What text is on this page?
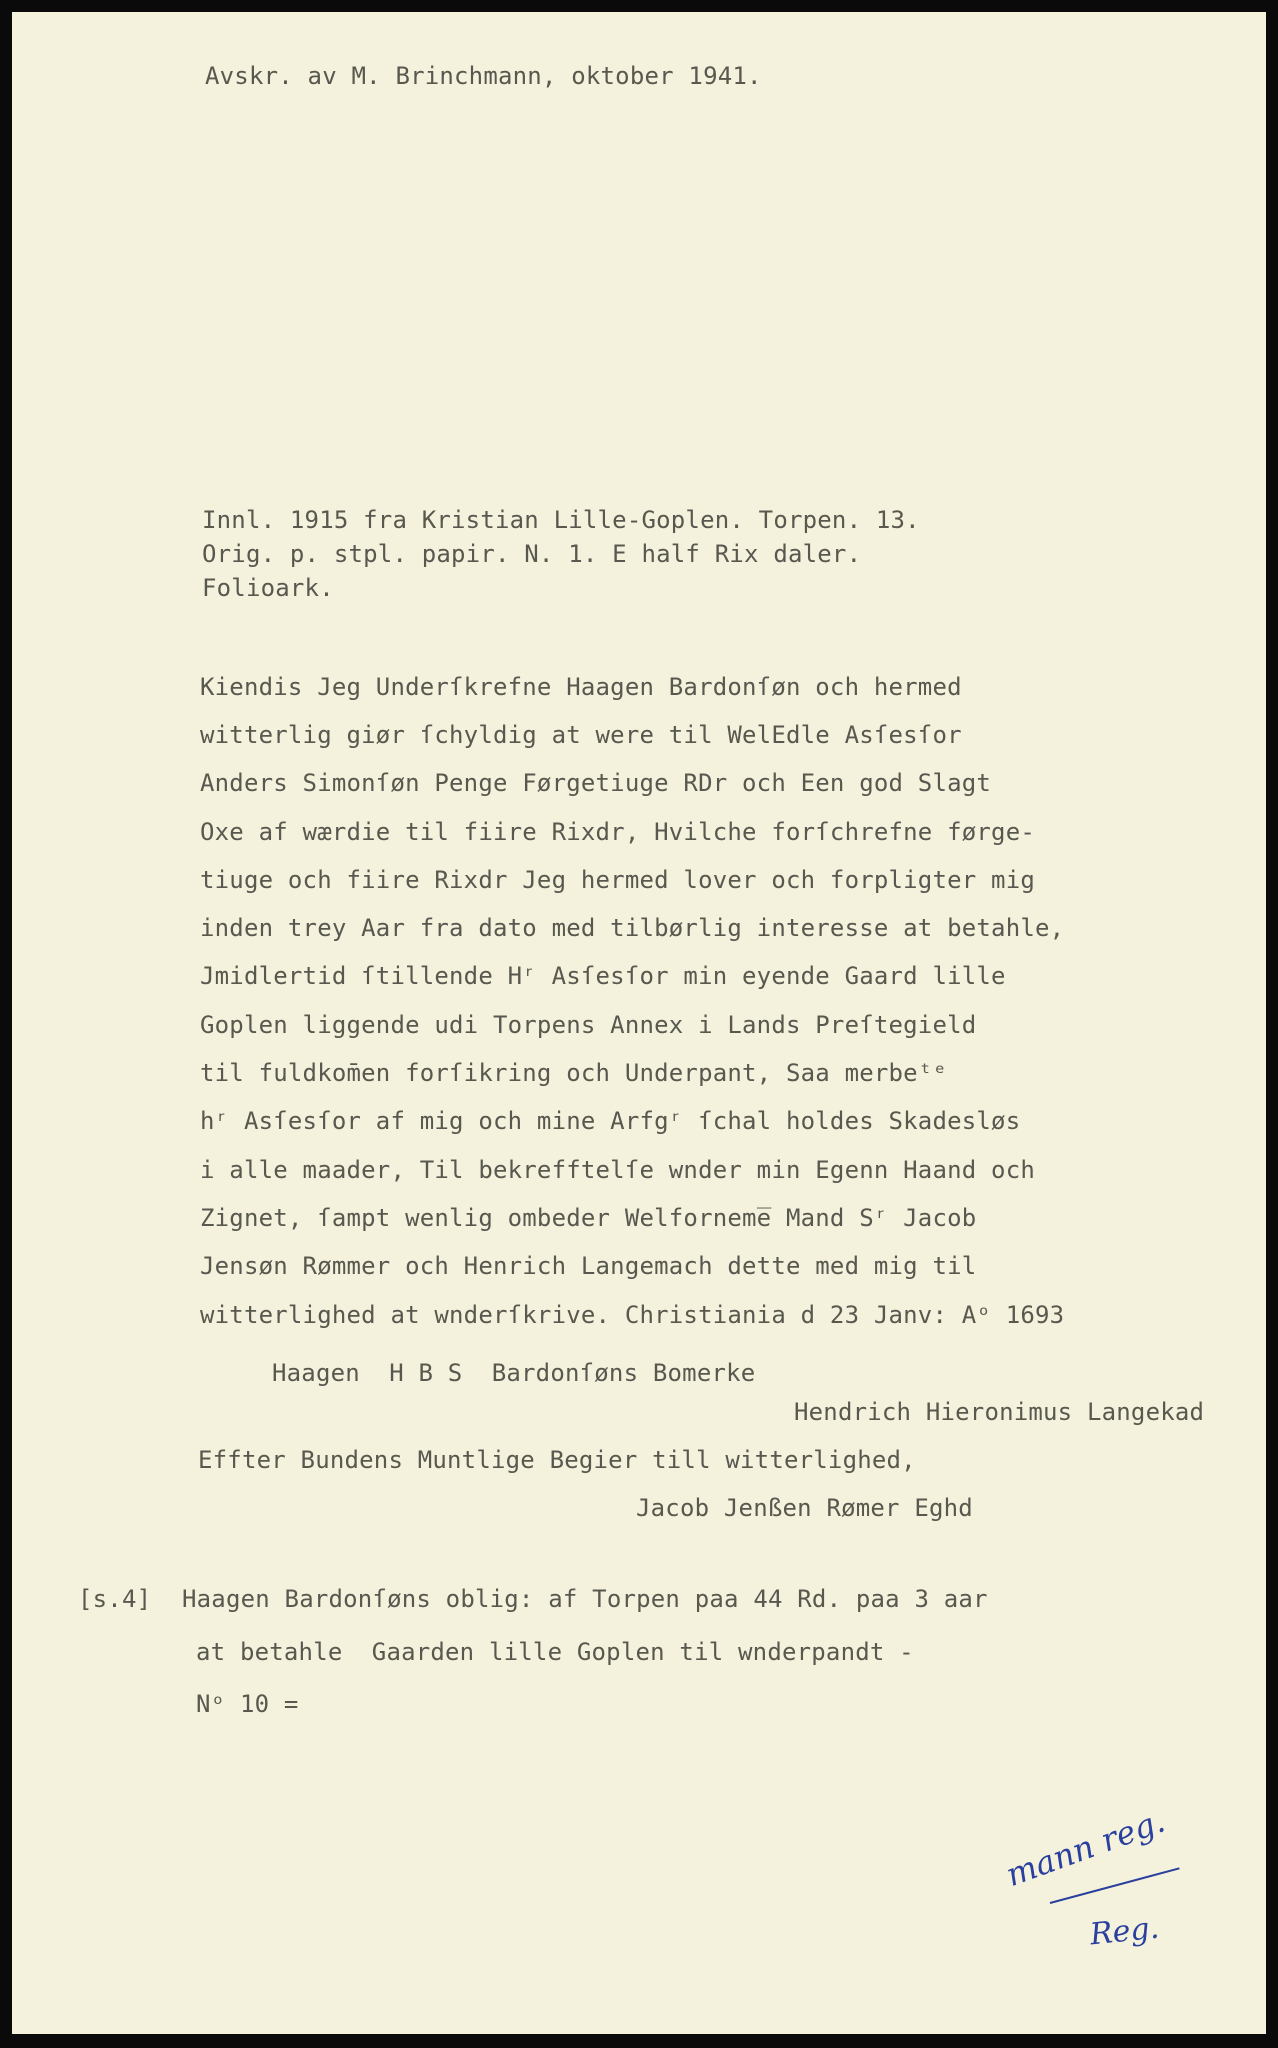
Avskr. av M. Brinchmann, oktober 1941.
Innl. 1915 fra Kristian Lille-Goplen. Torpen. 13.
Orig. p. stpl. papir. N. 1. E half Rix daler.
Folioark.
Kiendis Jeg Underſkrefne Haagen Bardonſøn och hermed
witterlig giør ſchyldig at were til WelEdle Asſesſor
Anders Simonſøn Penge Førgetiuge RDr och Een god Slagt
Oxe af wærdie til fiire Rixdr, Hvilche forſchrefne førge-
tiuge och fiire Rixdr Jeg hermed lover och forpligter mig
inden trey Aar fra dato med tilbørlig interesse at betahle,
Jmidlertid ſtillende Hʳ Asſesſor min eyende Gaard lille
Goplen liggende udi Torpens Annex i Lands Preſtegield
til fuldkom̄en forſikring och Underpant, Saa merbeᵗᵉ
hʳ Asſesſor af mig och mine Arfgʳ ſchal holdes Skadesløs
i alle maader, Til bekrefftelſe wnder min Egenn Haand och
Zignet, ſampt wenlig ombeder Welforneme̅ Mand Sʳ Jacob
Jensøn Rømmer och Henrich Langemach dette med mig til
witterlighed at wnderſkrive. Christiania d 23 Janv: Aᵒ 1693
Haagen  H B S  Bardonſøns Bomerke
Hendrich Hieronimus Langekad
Effter Bundens Muntlige Begier till witterlighed,
Jacob Jenßen Rømer Eghd
[s.4] Haagen Bardonſøns oblig: af Torpen paa 44 Rd. paa 3 aar
at betahle  Gaarden lille Goplen til wnderpandt -
Nᵒ 10 =
mann reg.
Reg.
